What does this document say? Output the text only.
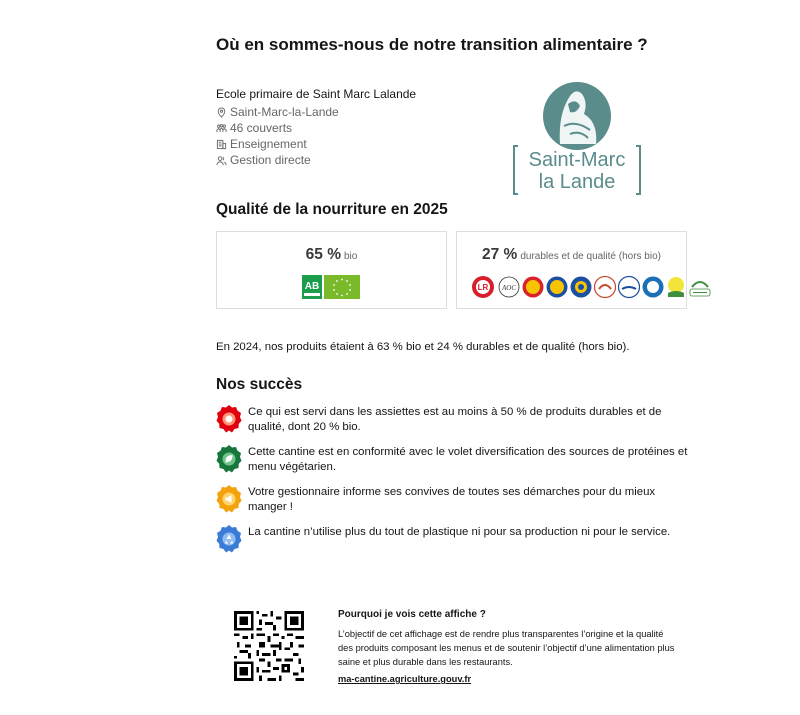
Où en sommes-nous de notre transition alimentaire ?
Ecole primaire de Saint Marc Lalande
Saint-Marc-la-Lande
46 couverts
Enseignement
Gestion directe	Saint-Marc
la Lande
Qualité de la nourriture en 2025
65 % bio
AB
27 % durables et de qualité (hors bio)
LR AOC
En 2024, nos produits étaient à 63 % bio et 24 % durables et de qualité (hors bio).
Nos succès
Ce qui est servi dans les assiettes est au moins à 50 % de produits durables et de qualité, dont 20 % bio.
Cette cantine est en conformité avec le volet diversification des sources de protéines et menu végétarien.
Votre gestionnaire informe ses convives de toutes ses démarches pour du mieux manger !
La cantine n’utilise plus du tout de plastique ni pour sa production ni pour le service.
Pourquoi je vois cette affiche ?
L’objectif de cet affichage est de rendre plus transparentes l’origine et la qualité des produits composant les menus et de soutenir l’objectif d’une alimentation plus saine et plus durable dans les restaurants.
ma-cantine.agriculture.gouv.fr
